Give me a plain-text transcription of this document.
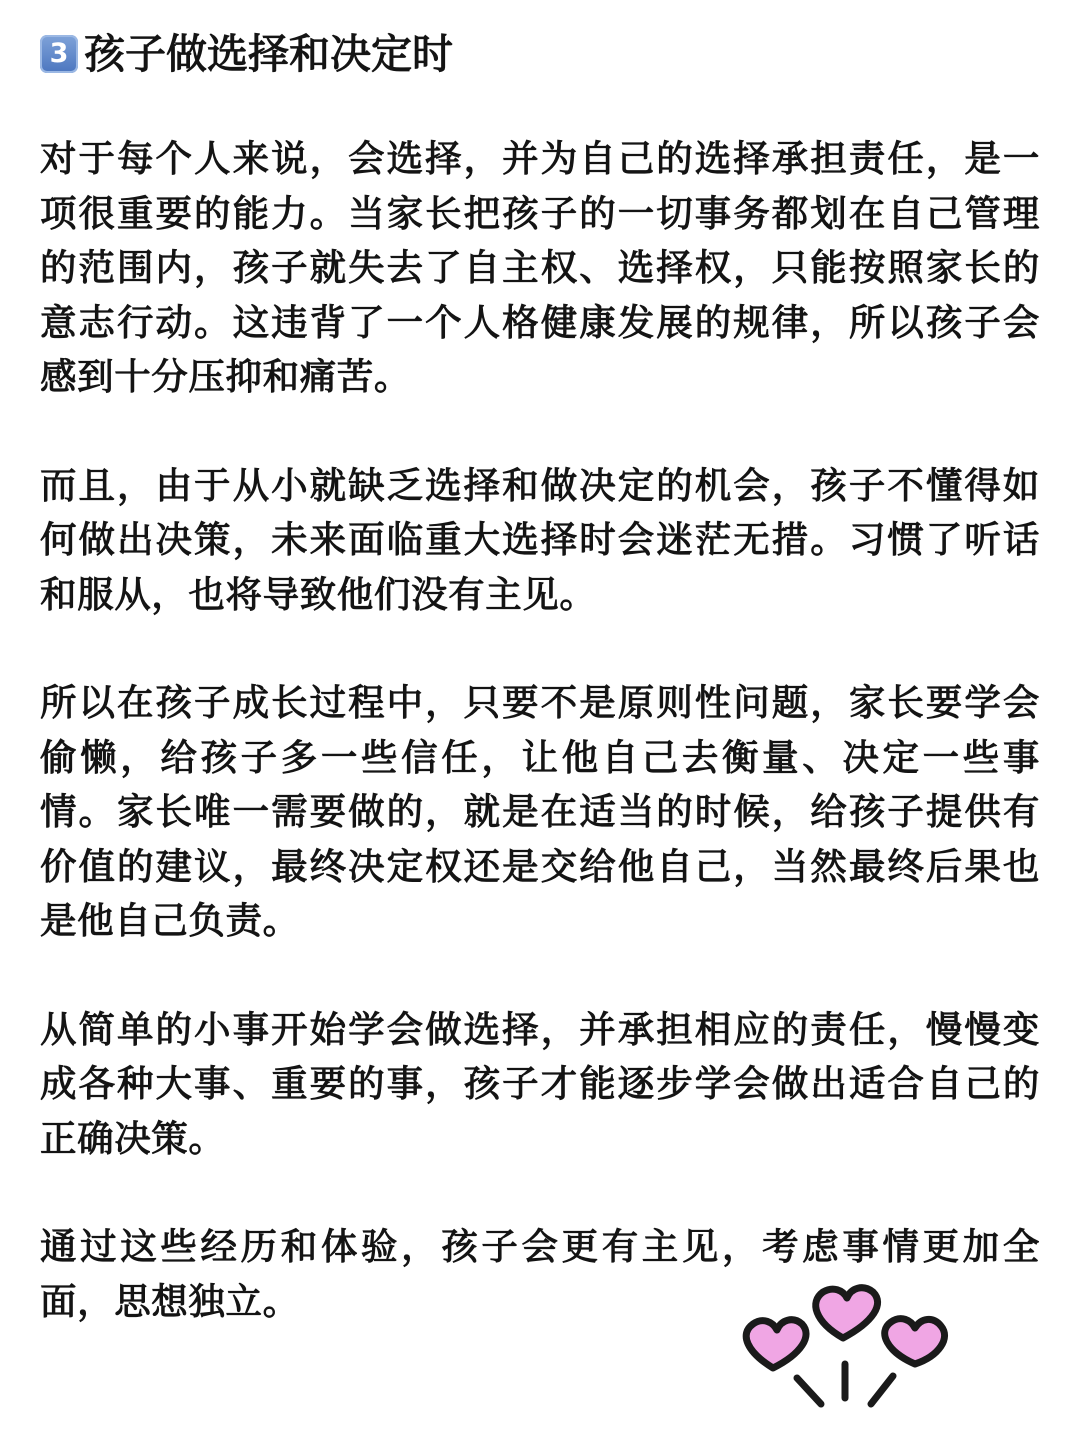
3 孩子做选择和决定时

对于每个人来说，会选择，并为自己的选择承担责任，是一项很重要的能力。当家长把孩子的一切事务都划在自己管理的范围内，孩子就失去了自主权、选择权，只能按照家长的意志行动。这违背了一个人格健康发展的规律，所以孩子会感到十分压抑和痛苦。

而且，由于从小就缺乏选择和做决定的机会，孩子不懂得如何做出决策，未来面临重大选择时会迷茫无措。习惯了听话和服从，也将导致他们没有主见。

所以在孩子成长过程中，只要不是原则性问题，家长要学会偷懒，给孩子多一些信任，让他自己去衡量、决定一些事情。家长唯一需要做的，就是在适当的时候，给孩子提供有价值的建议，最终决定权还是交给他自己，当然最终后果也是他自己负责。

从简单的小事开始学会做选择，并承担相应的责任，慢慢变成各种大事、重要的事，孩子才能逐步学会做出适合自己的正确决策。

通过这些经历和体验，孩子会更有主见，考虑事情更加全面，思想独立。
